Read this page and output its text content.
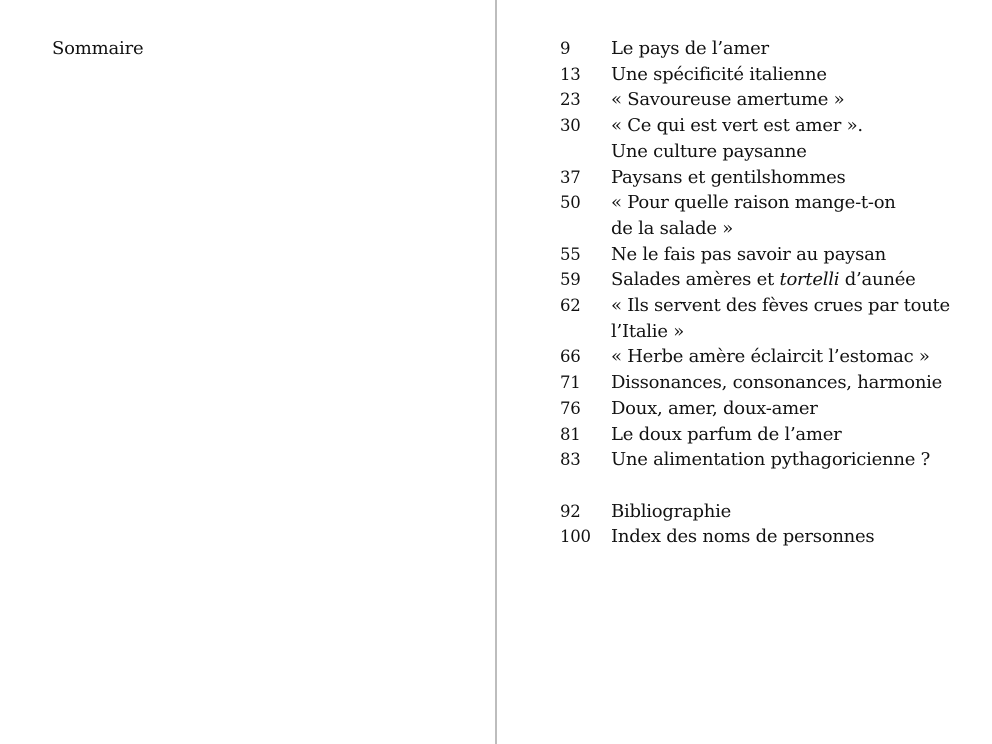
Sommaire	9	Le pays de l’amer
13	Une spécificité italienne
23	« Savoureuse amertume »
30	« Ce qui est vert est amer ».
Une culture paysanne
37	Paysans et gentilshommes
50	« Pour quelle raison mange-t-on
de la salade »
55	Ne le fais pas savoir au paysan
59	Salades amères et tortelli d’aunée
62	« Ils servent des fèves crues par toute
l’Italie »
66	« Herbe amère éclaircit l’estomac »
71	Dissonances, consonances, harmonie
76	Doux, amer, doux-amer
81	Le doux parfum de l’amer
83	Une alimentation pythagoricienne ?
92	Bibliographie
100	Index des noms de personnes
